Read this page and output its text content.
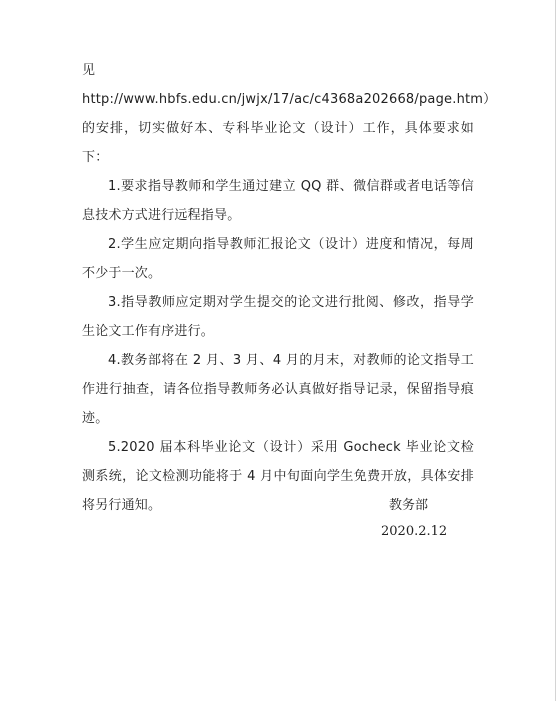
见 http://www.hbfs.edu.cn/jwjx/17/ac/c4368a202668/page.htm）的安排，切实做好本、专科毕业论文（设计）工作，具体要求如下：

1.要求指导教师和学生通过建立 QQ 群、微信群或者电话等信息技术方式进行远程指导。

2.学生应定期向指导教师汇报论文（设计）进度和情况，每周不少于一次。

3.指导教师应定期对学生提交的论文进行批阅、修改，指导学生论文工作有序进行。

4.教务部将在 2 月、3 月、4 月的月末，对教师的论文指导工作进行抽查，请各位指导教师务必认真做好指导记录，保留指导痕迹。

5.2020 届本科毕业论文（设计）采用 Gocheck 毕业论文检测系统，论文检测功能将于 4 月中旬面向学生免费开放，具体安排将另行通知。	教务部
2020.2.12
